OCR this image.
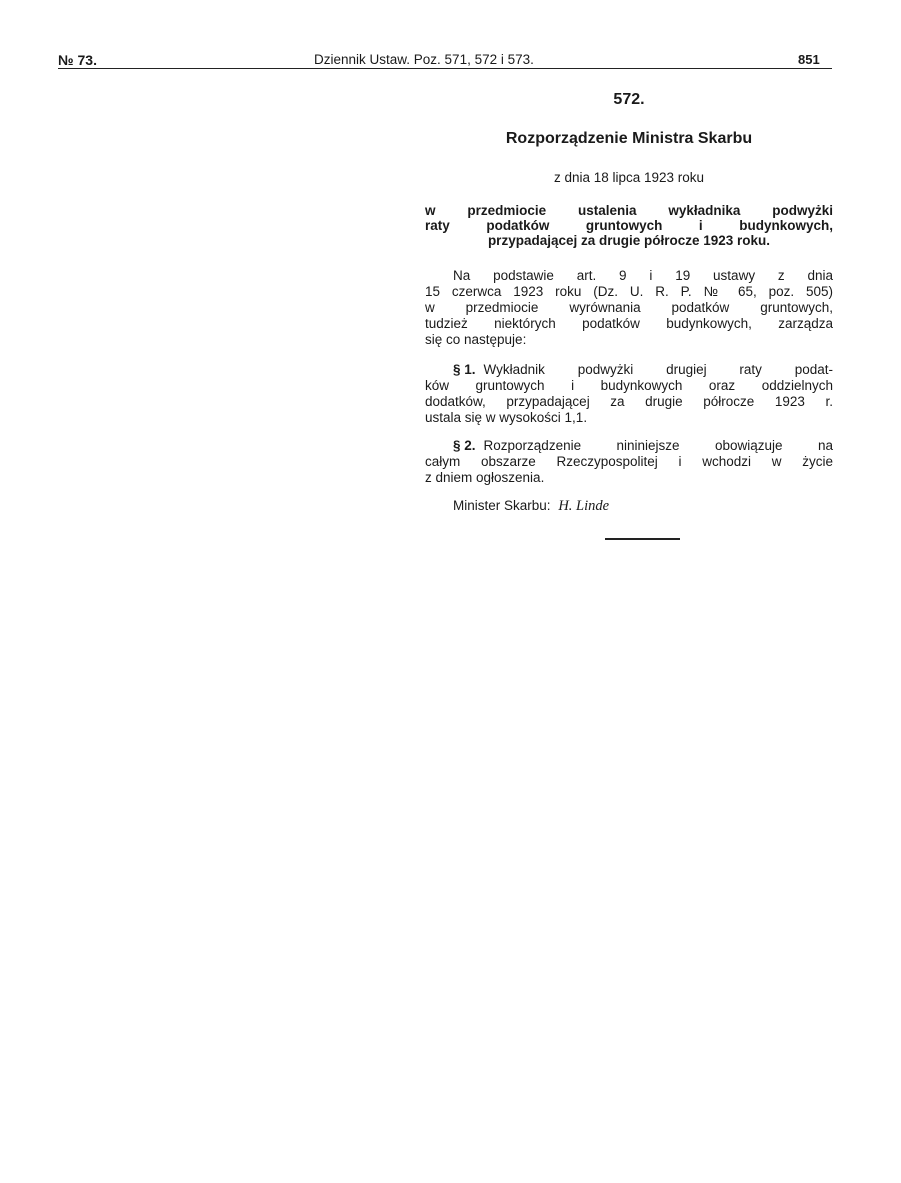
№ 73.	Dziennik Ustaw. Poz. 571, 572 i 573.	851
572.
Rozporządzenie Ministra Skarbu
z dnia 18 lipca 1923 roku
w przedmiocie ustalenia wykładnika podwyżki
raty podatków gruntowych i budynkowych,
przypadającej za drugie półrocze 1923 roku.
Na podstawie art. 9 i 19 ustawy z dnia
15 czerwca 1923 roku (Dz. U. R. P. № 65, poz. 505)
w przedmiocie wyrównania podatków gruntowych,
tudzież niektórych podatków budynkowych, zarządza
się co następuje:
§ 1. Wykładnik podwyżki drugiej raty podat-
ków gruntowych i budynkowych oraz oddzielnych
dodatków, przypadającej za drugie półrocze 1923 r.
ustala się w wysokości 1,1.
§ 2. Rozporządzenie nininiejsze obowiązuje na
całym obszarze Rzeczypospolitej i wchodzi w życie
z dniem ogłoszenia.
Minister Skarbu: H. Linde
